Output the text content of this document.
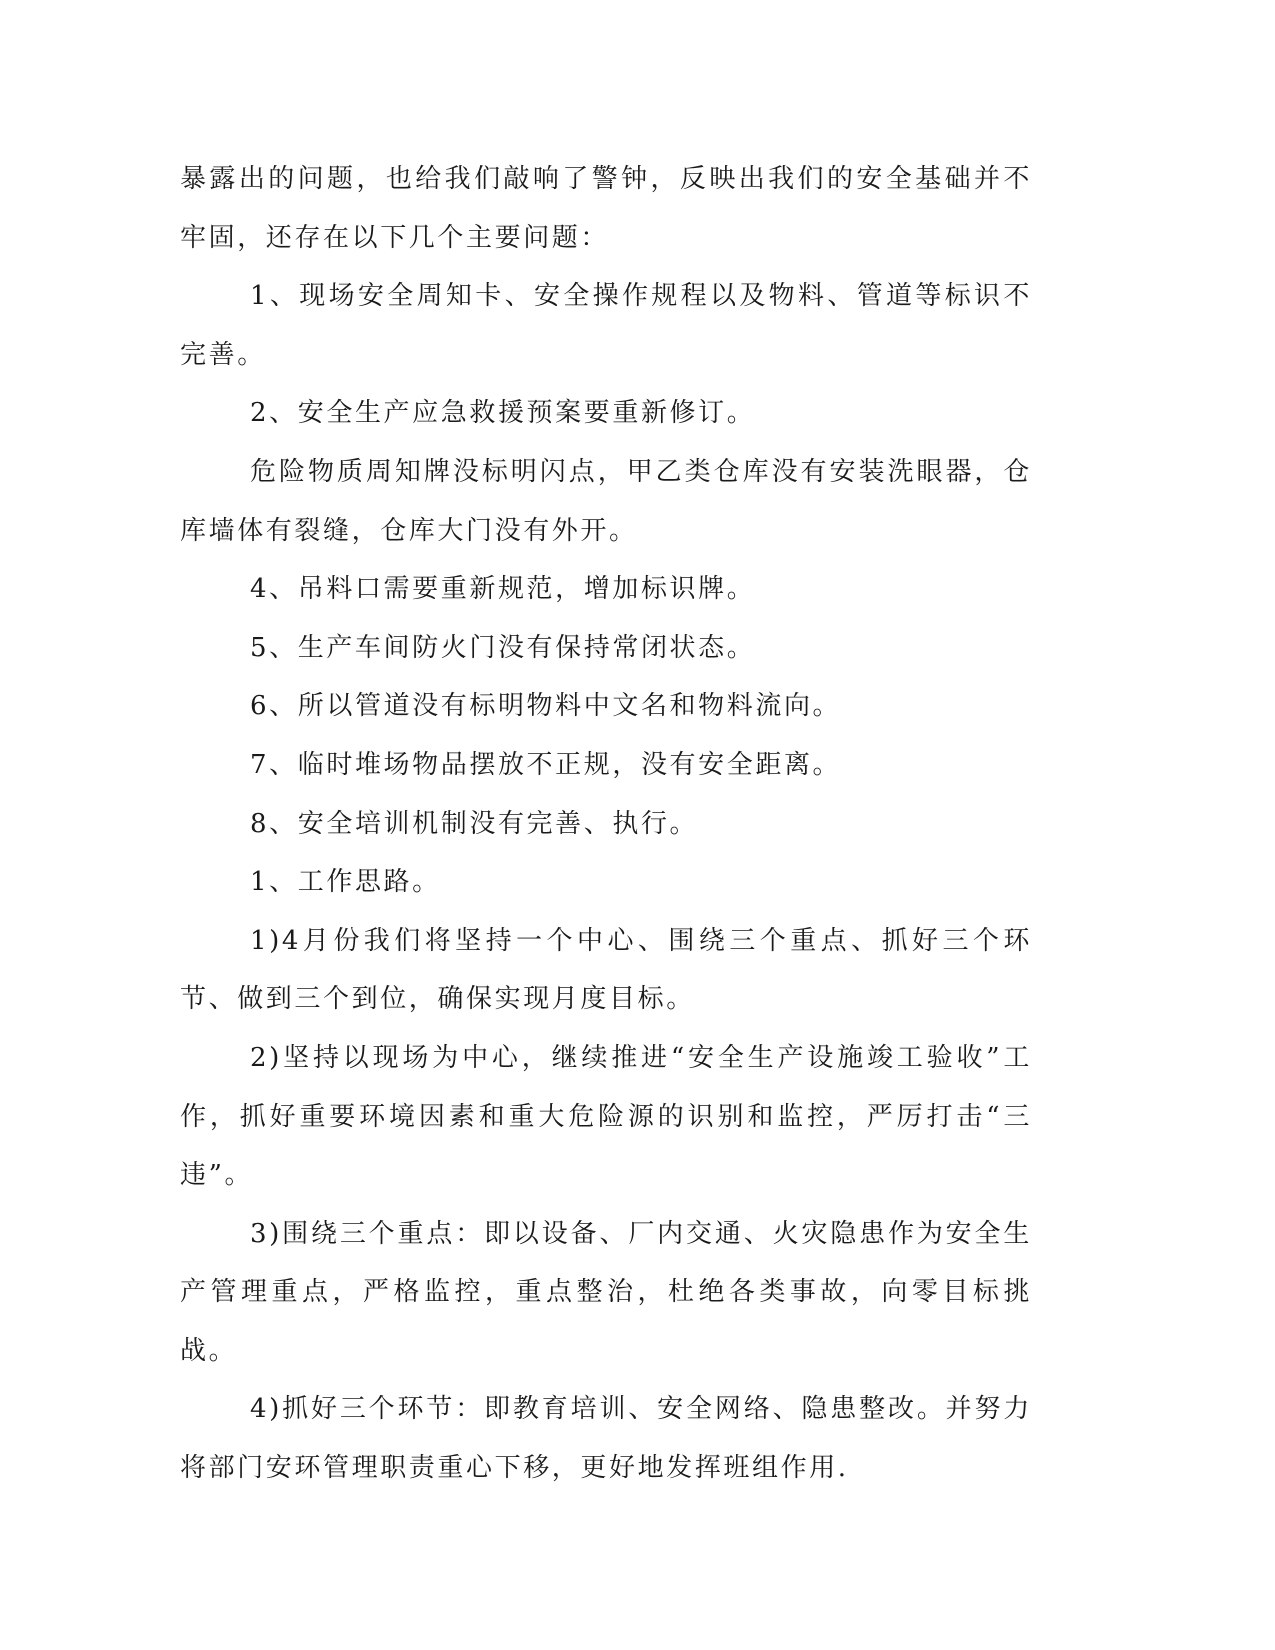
暴露出的问题，也给我们敲响了警钟，反映出我们的安全基础并不牢固，还存在以下几个主要问题：

1、现场安全周知卡、安全操作规程以及物料、管道等标识不完善。

2、安全生产应急救援预案要重新修订。

危险物质周知牌没标明闪点，甲乙类仓库没有安装洗眼器，仓库墙体有裂缝，仓库大门没有外开。

4、吊料口需要重新规范，增加标识牌。

5、生产车间防火门没有保持常闭状态。

6、所以管道没有标明物料中文名和物料流向。

7、临时堆场物品摆放不正规，没有安全距离。

8、安全培训机制没有完善、执行。

1、工作思路。

1)4月份我们将坚持一个中心、围绕三个重点、抓好三个环节、做到三个到位，确保实现月度目标。

2)坚持以现场为中心，继续推进“安全生产设施竣工验收”工作，抓好重要环境因素和重大危险源的识别和监控，严厉打击“三违”。

3)围绕三个重点：即以设备、厂内交通、火灾隐患作为安全生产管理重点，严格监控，重点整治，杜绝各类事故，向零目标挑战。

4)抓好三个环节：即教育培训、安全网络、隐患整改。并努力将部门安环管理职责重心下移，更好地发挥班组作用.
